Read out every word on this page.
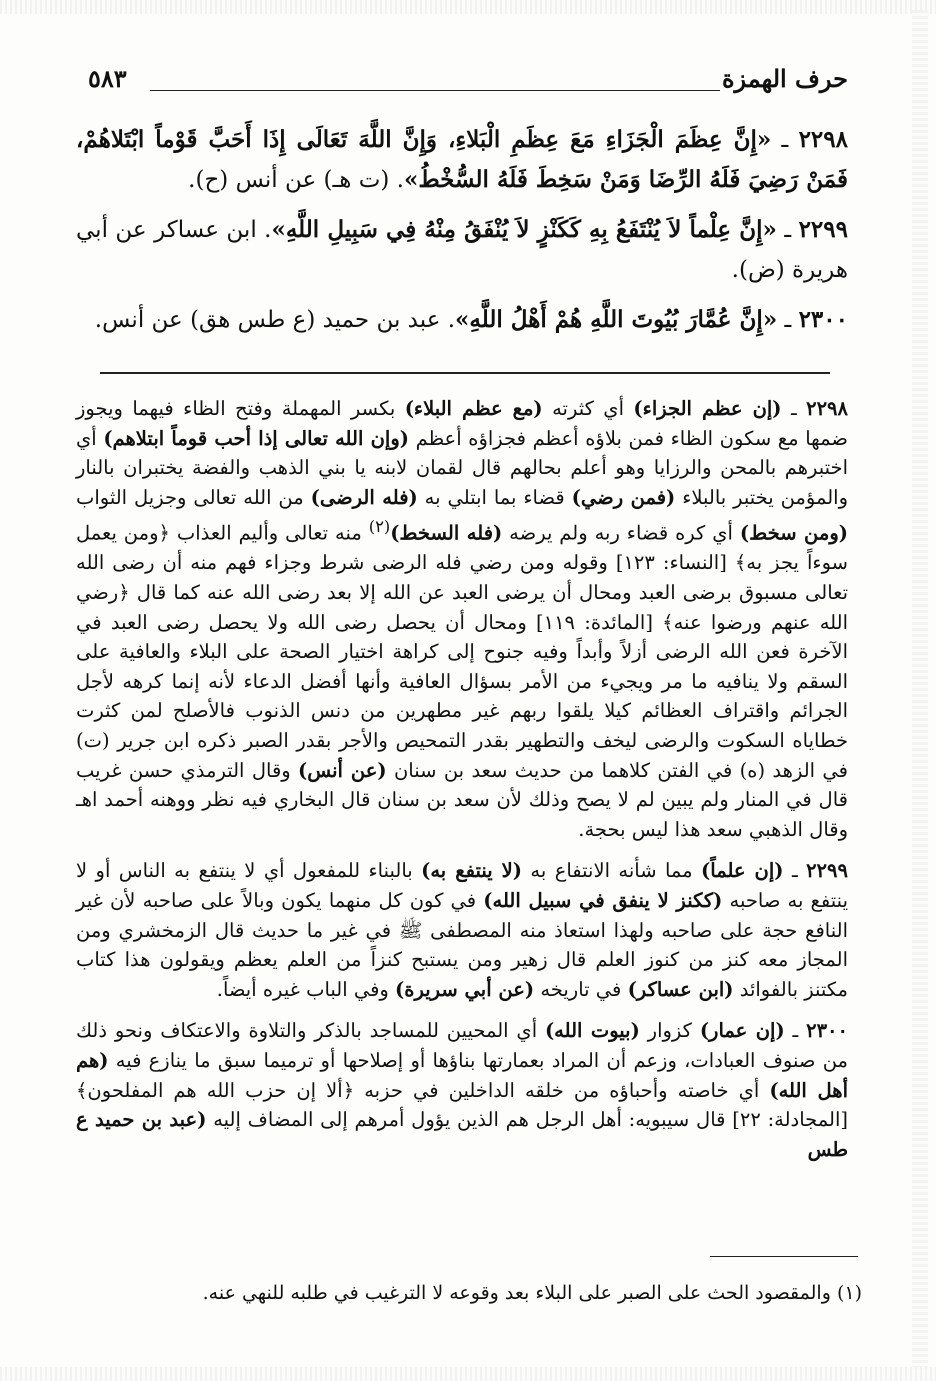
٥٨٣	حرف الهمزة

٢٢٩٨ ـ «إِنَّ عِظَمَ الْجَزَاءِ مَعَ عِظَمِ الْبَلاءِ، وَإِنَّ اللَّهَ تَعَالَى إِذَا أَحَبَّ قَوْماً ابْتَلاهُمْ، فَمَنْ رَضِيَ فَلَهُ الرِّضَا وَمَنْ سَخِطَ فَلَهُ السُّخْطُ». (ت هـ) عن أنس (ح).

٢٢٩٩ ـ «إِنَّ عِلْماً لاَ يُنْتَفَعُ بِهِ كَكَنْزٍ لاَ يُنْفَقُ مِنْهُ فِي سَبِيلِ اللَّهِ». ابن عساكر عن أبي هريرة (ض).

٢٣٠٠ ـ «إِنَّ عُمَّارَ بُيُوتَ اللَّهِ هُمْ أَهْلُ اللَّهِ». عبد بن حميد (ع طس هق) عن أنس.

٢٢٩٨ ـ (إن عظم الجزاء) أي كثرته (مع عظم البلاء) بكسر المهملة وفتح الظاء فيهما ويجوز ضمها مع سكون الظاء فمن بلاؤه أعظم فجزاؤه أعظم (وإن الله تعالى إذا أحب قوماً ابتلاهم) أي اختبرهم بالمحن والرزايا وهو أعلم بحالهم قال لقمان لابنه يا بني الذهب والفضة يختبران بالنار والمؤمن يختبر بالبلاء (فمن رضي) قضاء بما ابتلي به (فله الرضى) من الله تعالى وجزيل الثواب (ومن سخط) أي كره قضاء ربه ولم يرضه (فله السخط)$^{(٢)}$ منه تعالى وأليم العذاب ﴿ومن يعمل سوءاً يجز به﴾ [النساء: ١٢٣] وقوله ومن رضي فله الرضى شرط وجزاء فهم منه أن رضى الله تعالى مسبوق برضى العبد ومحال أن يرضى العبد عن الله إلا بعد رضى الله عنه كما قال ﴿رضي الله عنهم ورضوا عنه﴾ [المائدة: ١١٩] ومحال أن يحصل رضى الله ولا يحصل رضى العبد في الآخرة فعن الله الرضى أزلاً وأبداً وفيه جنوح إلى كراهة اختيار الصحة على البلاء والعافية على السقم ولا ينافيه ما مر ويجيء من الأمر بسؤال العافية وأنها أفضل الدعاء لأنه إنما كرهه لأجل الجرائم واقتراف العظائم كيلا يلقوا ربهم غير مطهرين من دنس الذنوب فالأصلح لمن كثرت خطاياه السكوت والرضى ليخف والتطهير بقدر التمحيص والأجر بقدر الصبر ذكره ابن جرير (ت) في الزهد (ه) في الفتن كلاهما من حديث سعد بن سنان (عن أنس) وقال الترمذي حسن غريب قال في المنار ولم يبين لم لا يصح وذلك لأن سعد بن سنان قال البخاري فيه نظر ووهنه أحمد اهـ وقال الذهبي سعد هذا ليس بحجة.

٢٢٩٩ ـ (إن علماً) مما شأنه الانتفاع به (لا ينتفع به) بالبناء للمفعول أي لا ينتفع به الناس أو لا ينتفع به صاحبه (ككنز لا ينفق في سبيل الله) في كون كل منهما يكون وبالاً على صاحبه لأن غير النافع حجة على صاحبه ولهذا استعاذ منه المصطفى ﷺ في غير ما حديث قال الزمخشري ومن المجاز معه كنز من كنوز العلم قال زهير ومن يستبح كنزاً من العلم يعظم ويقولون هذا كتاب مكتنز بالفوائد (ابن عساكر) في تاريخه (عن أبي سريرة) وفي الباب غيره أيضاً.

٢٣٠٠ ـ (إن عمار) كزوار (بيوت الله) أي المحيين للمساجد بالذكر والتلاوة والاعتكاف ونحو ذلك من صنوف العبادات، وزعم أن المراد بعمارتها بناؤها أو إصلاحها أو ترميما سبق ما ينازع فيه (هم أهل الله) أي خاصته وأحباؤه من خلقه الداخلين في حزبه ﴿ألا إن حزب الله هم المفلحون﴾ [المجادلة: ٢٢] قال سيبويه: أهل الرجل هم الذين يؤول أمرهم إلى المضاف إليه (عبد بن حميد ع طس

(١) والمقصود الحث على الصبر على البلاء بعد وقوعه لا الترغيب في طلبه للنهي عنه.
